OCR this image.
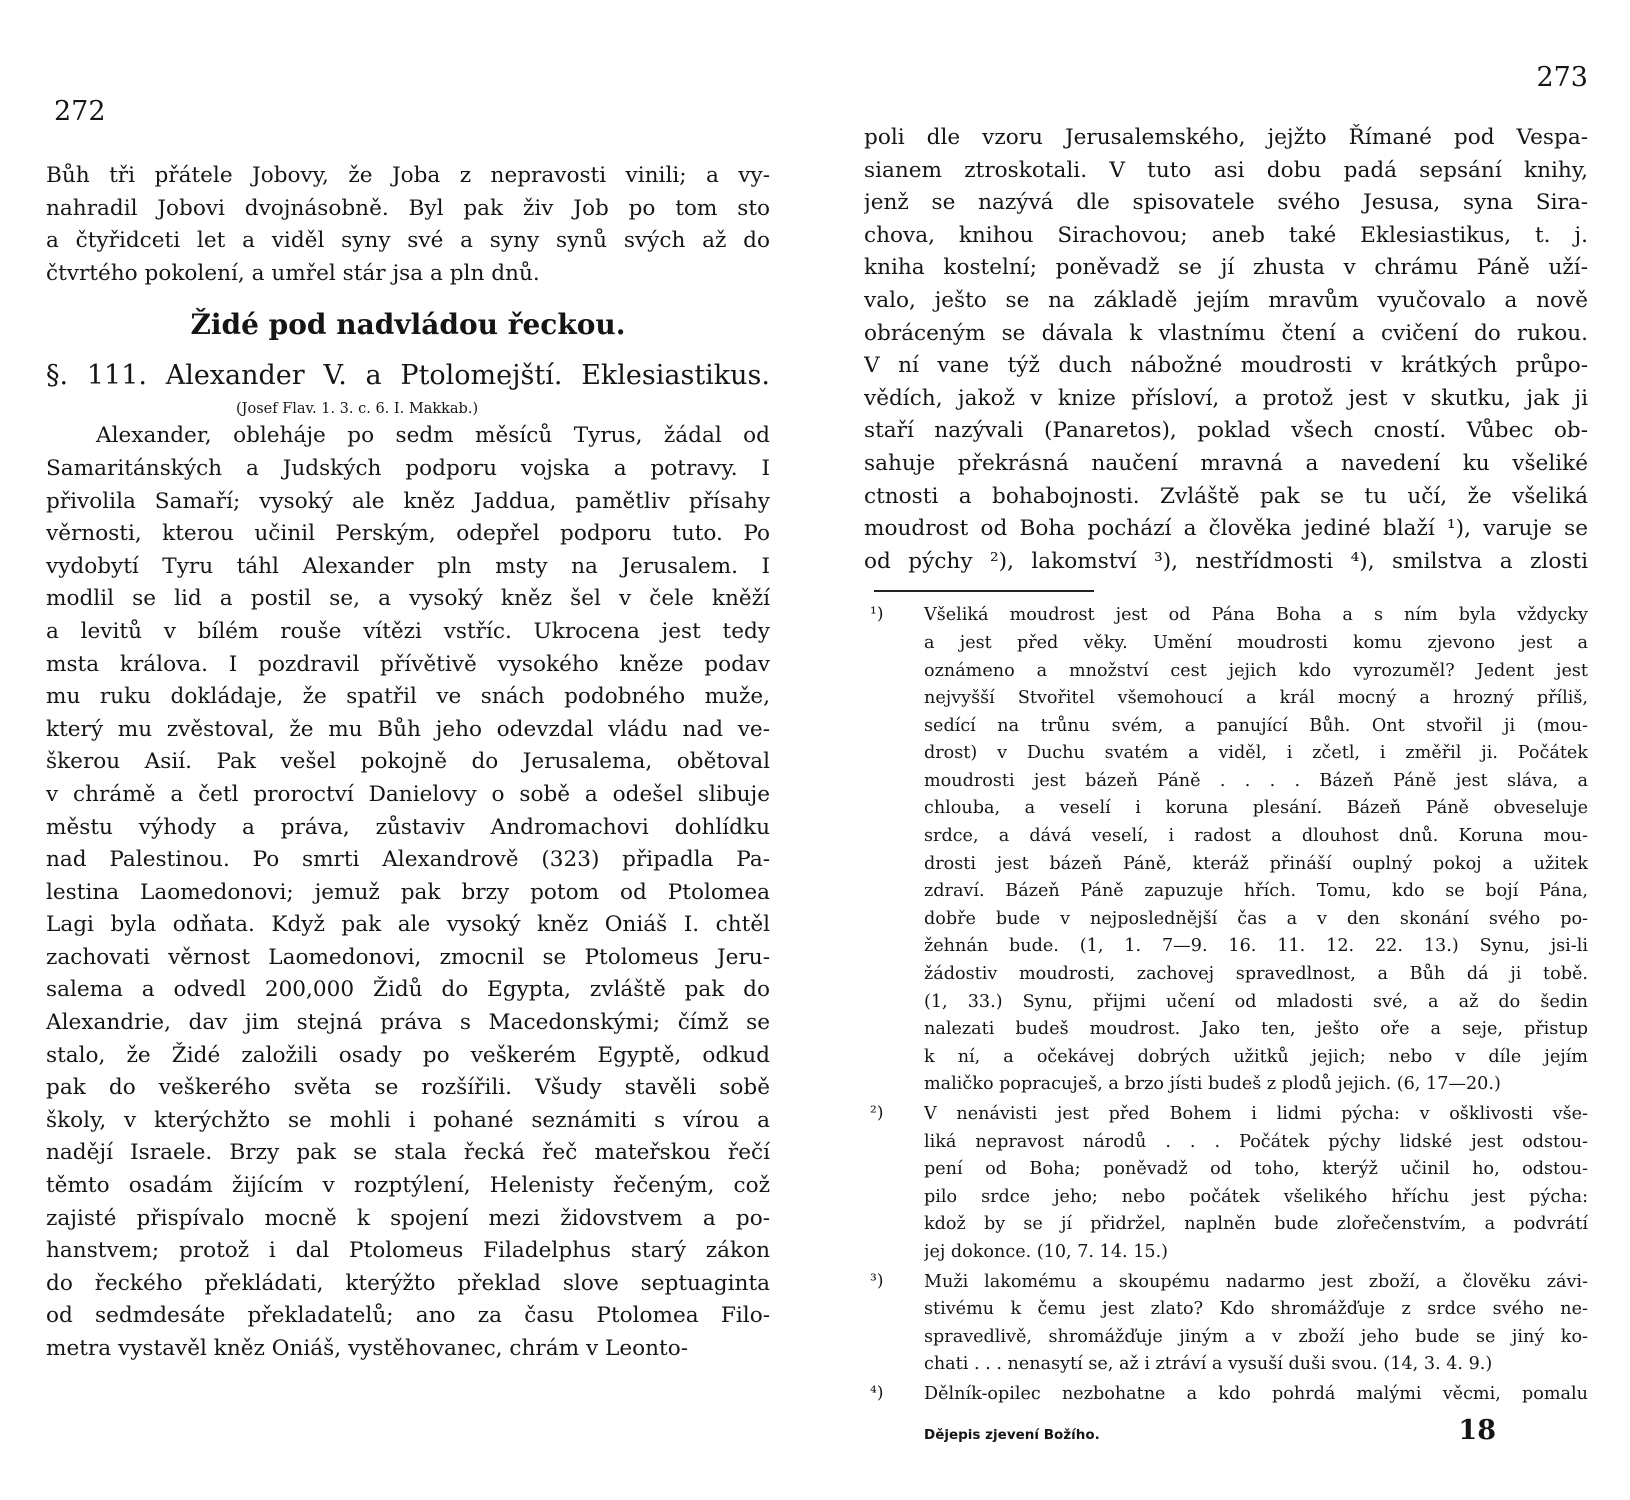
272
Bůh tři přátele Jobovy, že Joba z nepravosti vinili; a vy-
nahradil Jobovi dvojnásobně. Byl pak živ Job po tom sto
a čtyřidceti let a viděl syny své a syny synů svých až do
čtvrtého pokolení, a umřel stár jsa a pln dnů.
Židé pod nadvládou řeckou.
§. 111. Alexander V. a Ptolomejští. Eklesiastikus.
(Josef Flav. 1. 3. c. 6. I. Makkab.)
Alexander, obleháje po sedm měsíců Tyrus, žádal od
Samaritánských a Judských podporu vojska a potravy. I
přivolila Samaří; vysoký ale kněz Jaddua, pamětliv přísahy
věrnosti, kterou učinil Perským, odepřel podporu tuto. Po
vydobytí Tyru táhl Alexander pln msty na Jerusalem. I
modlil se lid a postil se, a vysoký kněz šel v čele kněží
a levitů v bílém rouše vítězi vstříc. Ukrocena jest tedy
msta králova. I pozdravil přívětivě vysokého kněze podav
mu ruku dokládaje, že spatřil ve snách podobného muže,
který mu zvěstoval, že mu Bůh jeho odevzdal vládu nad ve-
škerou Asií. Pak vešel pokojně do Jerusalema, obětoval
v chrámě a četl proroctví Danielovy o sobě a odešel slibuje
městu výhody a práva, zůstaviv Andromachovi dohlídku
nad Palestinou. Po smrti Alexandrově (323) připadla Pa-
lestina Laomedonovi; jemuž pak brzy potom od Ptolomea
Lagi byla odňata. Když pak ale vysoký kněz Oniáš I. chtěl
zachovati věrnost Laomedonovi, zmocnil se Ptolomeus Jeru-
salema a odvedl 200,000 Židů do Egypta, zvláště pak do
Alexandrie, dav jim stejná práva s Macedonskými; čímž se
stalo, že Židé založili osady po veškerém Egyptě, odkud
pak do veškerého světa se rozšířili. Všudy stavěli sobě
školy, v kterýchžto se mohli i pohané seznámiti s vírou a
nadějí Israele. Brzy pak se stala řecká řeč mateřskou řečí
těmto osadám žijícím v rozptýlení, Helenisty řečeným, což
zajisté přispívalo mocně k spojení mezi židovstvem a po-
hanstvem; protož i dal Ptolomeus Filadelphus starý zákon
do řeckého překládati, kterýžto překlad slove septuaginta
od sedmdesáte překladatelů; ano za času Ptolomea Filo-
metra vystavěl kněz Oniáš, vystěhovanec, chrám v Leonto-
273
poli dle vzoru Jerusalemského, jejžto Římané pod Vespa-
sianem ztroskotali. V tuto asi dobu padá sepsání knihy,
jenž se nazývá dle spisovatele svého Jesusa, syna Sira-
chova, knihou Sirachovou; aneb také Eklesiastikus, t. j.
kniha kostelní; poněvadž se jí zhusta v chrámu Páně uží-
valo, ješto se na základě jejím mravům vyučovalo a nově
obráceným se dávala k vlastnímu čtení a cvičení do rukou.
V ní vane týž duch nábožné moudrosti v krátkých průpo-
vědích, jakož v knize přísloví, a protož jest v skutku, jak ji
staří nazývali (Panaretos), poklad všech cností. Vůbec ob-
sahuje překrásná naučení mravná a navedení ku všeliké
ctnosti a bohabojnosti. Zvláště pak se tu učí, že všeliká
moudrost od Boha pochází a člověka jediné blaží ¹), varuje se
od pýchy ²), lakomství ³), nestřídmosti ⁴), smilstva a zlosti
¹) Všeliká moudrost jest od Pána Boha a s ním byla vždycky
a jest před věky. Umění moudrosti komu zjevono jest a
oznámeno a množství cest jejich kdo vyrozuměl? Jedent jest
nejvyšší Stvořitel všemohoucí a král mocný a hrozný příliš,
sedící na trůnu svém, a panující Bůh. Ont stvořil ji (mou-
drost) v Duchu svatém a viděl, i zčetl, i změřil ji. Počátek
moudrosti jest bázeň Páně . . . . Bázeň Páně jest sláva, a
chlouba, a veselí i koruna plesání. Bázeň Páně obveseluje
srdce, a dává veselí, i radost a dlouhost dnů. Koruna mou-
drosti jest bázeň Páně, kteráž přináší ouplný pokoj a užitek
zdraví. Bázeň Páně zapuzuje hřích. Tomu, kdo se bojí Pána,
dobře bude v nejposlednější čas a v den skonání svého po-
žehnán bude. (1, 1. 7—9. 16. 11. 12. 22. 13.) Synu, jsi-li
žádostiv moudrosti, zachovej spravedlnost, a Bůh dá ji tobě.
(1, 33.) Synu, přijmi učení od mladosti své, a až do šedin
nalezati budeš moudrost. Jako ten, ješto oře a seje, přistup
k ní, a očekávej dobrých užitků jejich; nebo v díle jejím
maličko popracuješ, a brzo jísti budeš z plodů jejich. (6, 17—20.)
²) V nenávisti jest před Bohem i lidmi pýcha: v ošklivosti vše-
liká nepravost národů . . . Počátek pýchy lidské jest odstou-
pení od Boha; poněvadž od toho, kterýž učinil ho, odstou-
pilo srdce jeho; nebo počátek všelikého hříchu jest pýcha:
kdož by se jí přidržel, naplněn bude zlořečenstvím, a podvrátí
jej dokonce. (10, 7. 14. 15.)
³) Muži lakomému a skoupému nadarmo jest zboží, a člověku závi-
stivému k čemu jest zlato? Kdo shromážďuje z srdce svého ne-
spravedlivě, shromážďuje jiným a v zboží jeho bude se jiný ko-
chati . . . nenasytí se, až i ztráví a vysuší duši svou. (14, 3. 4. 9.)
⁴) Dělník-opilec nezbohatne a kdo pohrdá malými věcmi, pomalu
Dějepis zjevení Božího.	18
